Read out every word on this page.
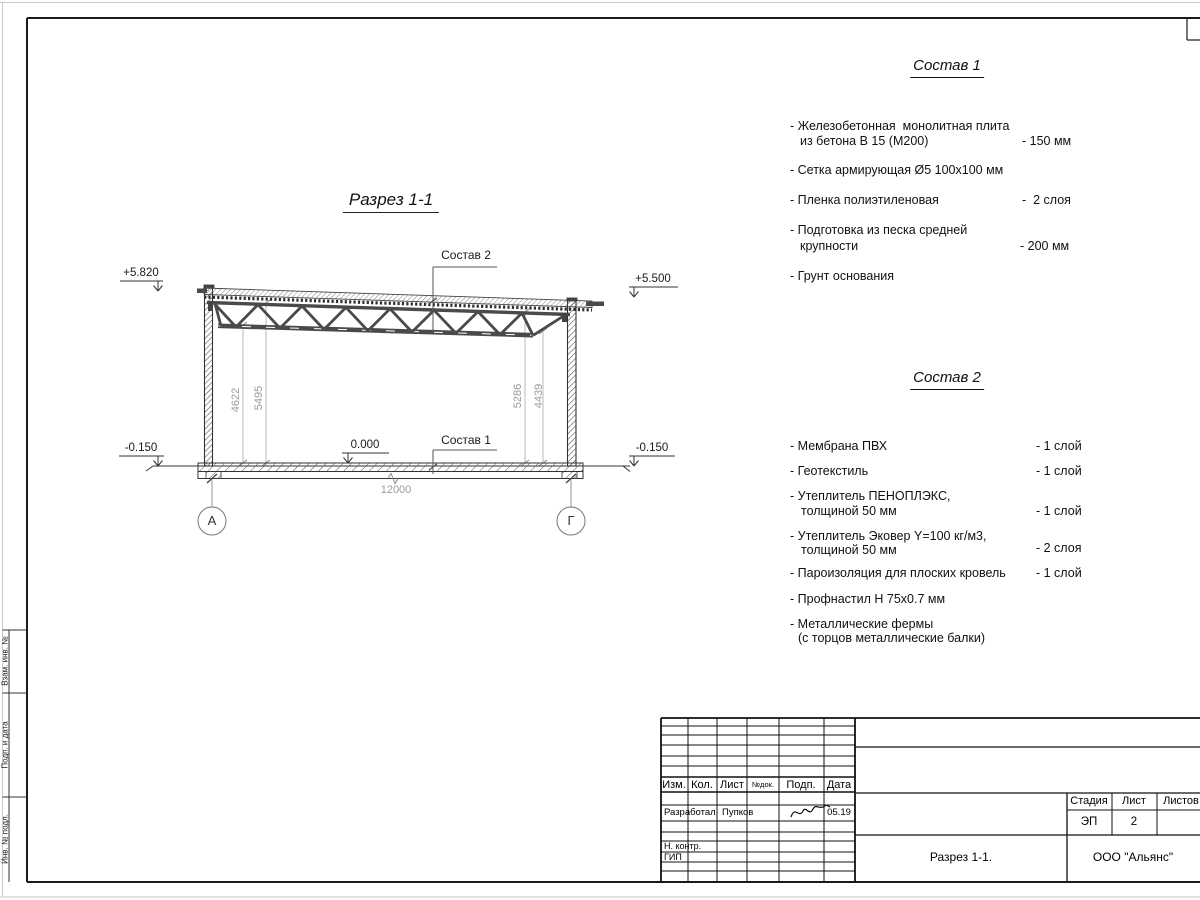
Разрез 1-1
+5.820	+5.500
0.000
-0.150	-0.150
Состав 2
Состав 1
4622 5495	5286 4439
12000
А	Г
Состав 1
- Железобетонная  монолитная плита
из бетона В 15 (М200)	- 150 мм
- Сетка армирующая Ø5 100x100 мм
- Пленка полиэтиленовая	-  2 слоя
- Подготовка из песка средней
крупности	- 200 мм
- Грунт основания
Состав 2
- Мембрана ПВХ	- 1 слой
- Геотекстиль	- 1 слой
- Утеплитель ПЕНОПЛЭКС,
толщиной 50 мм	- 1 слой
- Утеплитель Эковер Y=100 кг/м3,
толщиной 50 мм	- 2 слоя
- Пароизоляция для плоских кровель - 1 слой
- Профнастил Н 75x0.7 мм
- Металлические фермы
(с торцов металлические балки)
Взам. инв. №
Подп. и дата
Инв. № подл.
Изм. Кол. Лист №док. Подп. Дата
Разработал Пупков	05.19
Н. контр.
ГИП
Стадия Лист Листов
ЭП	2
Разрез 1-1.	ООО "Альянс"
